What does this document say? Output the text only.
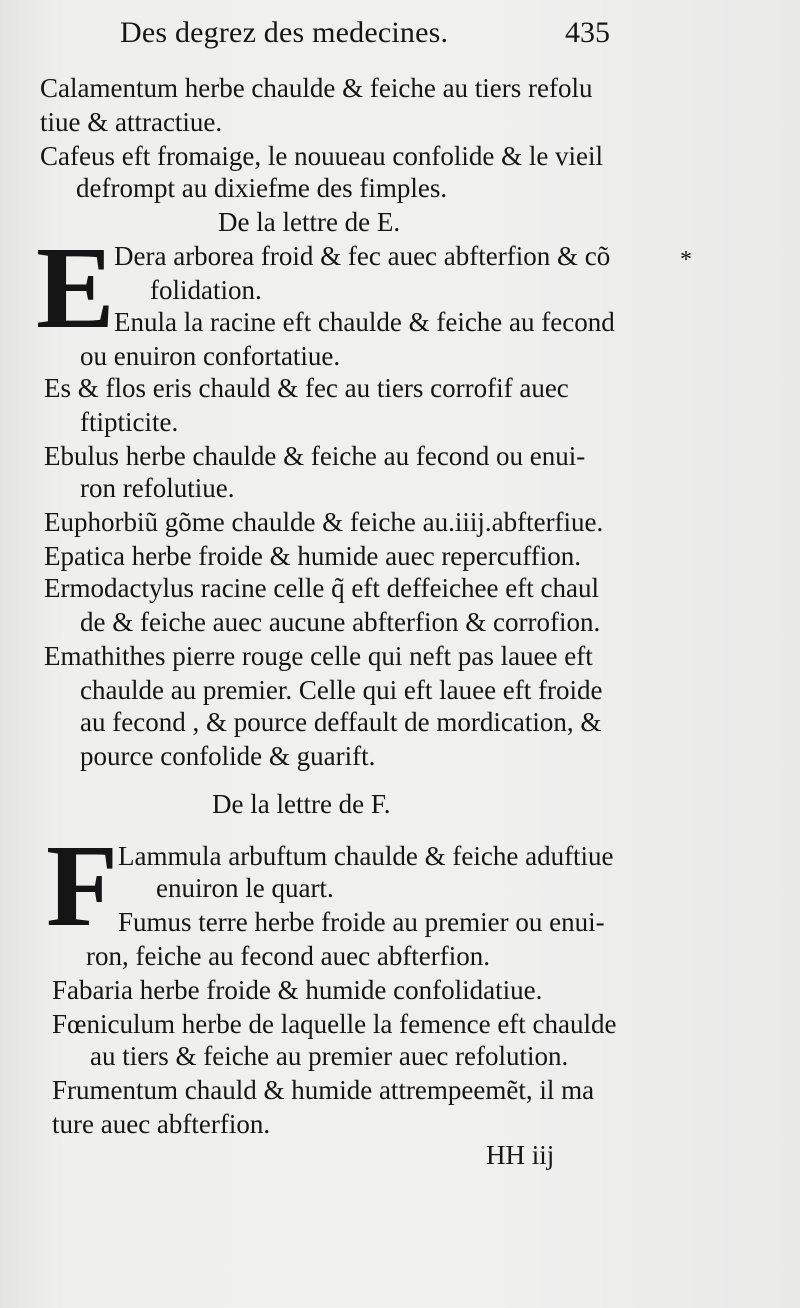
Des degrez des medecines.	435
Calamentum herbe chaulde & feiche au tiers refolu
tiue & attractiue.
Cafeus eft fromaige, le nouueau confolide & le vieil
defrompt au dixiefme des fimples.
De la lettre de E.
E	*
Dera arborea froid & fec auec abfterfion & cõ
folidation.
Enula la racine eft chaulde & feiche au fecond
ou enuiron confortatiue.
Es & flos eris chauld & fec au tiers corrofif auec
ftipticite.
Ebulus herbe chaulde & feiche au fecond ou enui-
ron refolutiue.
Euphorbiũ gõme chaulde & feiche au.iiij.abfterfiue.
Epatica herbe froide & humide auec repercuffion.
Ermodactylus racine celle q̃ eft deffeichee eft chaul
de & feiche auec aucune abfterfion & corrofion.
Emathithes pierre rouge celle qui neft pas lauee eft
chaulde au premier. Celle qui eft lauee eft froide
au fecond , & pource deffault de mordication, &
pource confolide & guarift.
De la lettre de F.
F Lammula arbuftum chaulde & feiche aduftiue
enuiron le quart.
Fumus terre herbe froide au premier ou enui-
ron, feiche au fecond auec abfterfion.
Fabaria herbe froide & humide confolidatiue.
Fœniculum herbe de laquelle la femence eft chaulde
au tiers & feiche au premier auec refolution.
Frumentum chauld & humide attrempeemẽt, il ma
ture auec abfterfion.
HH iij
